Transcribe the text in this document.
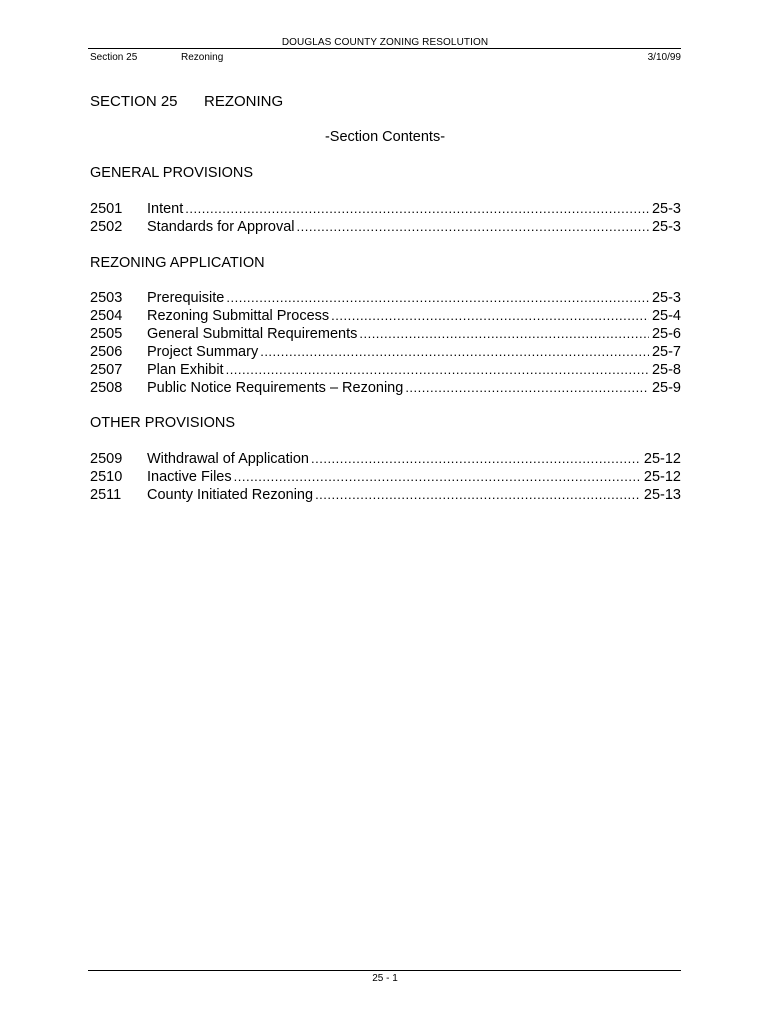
DOUGLAS COUNTY ZONING RESOLUTION
Section 25	Rezoning	3/10/99
SECTION 25 REZONING
-Section Contents-
GENERAL PROVISIONS
2501	Intent .....	25-3
2502	Standards for Approval .....	25-3
REZONING APPLICATION
2503	Prerequisite .....	25-3
2504	Rezoning Submittal Process .....	25-4
2505	General Submittal Requirements .....	25-6
2506	Project Summary .....	25-7
2507	Plan Exhibit .....	25-8
2508	Public Notice Requirements – Rezoning .....	25-9
OTHER PROVISIONS
2509	Withdrawal of Application .....	25-12
2510	Inactive Files .....	25-12
2511	County Initiated Rezoning .....	25-13
25 - 1
